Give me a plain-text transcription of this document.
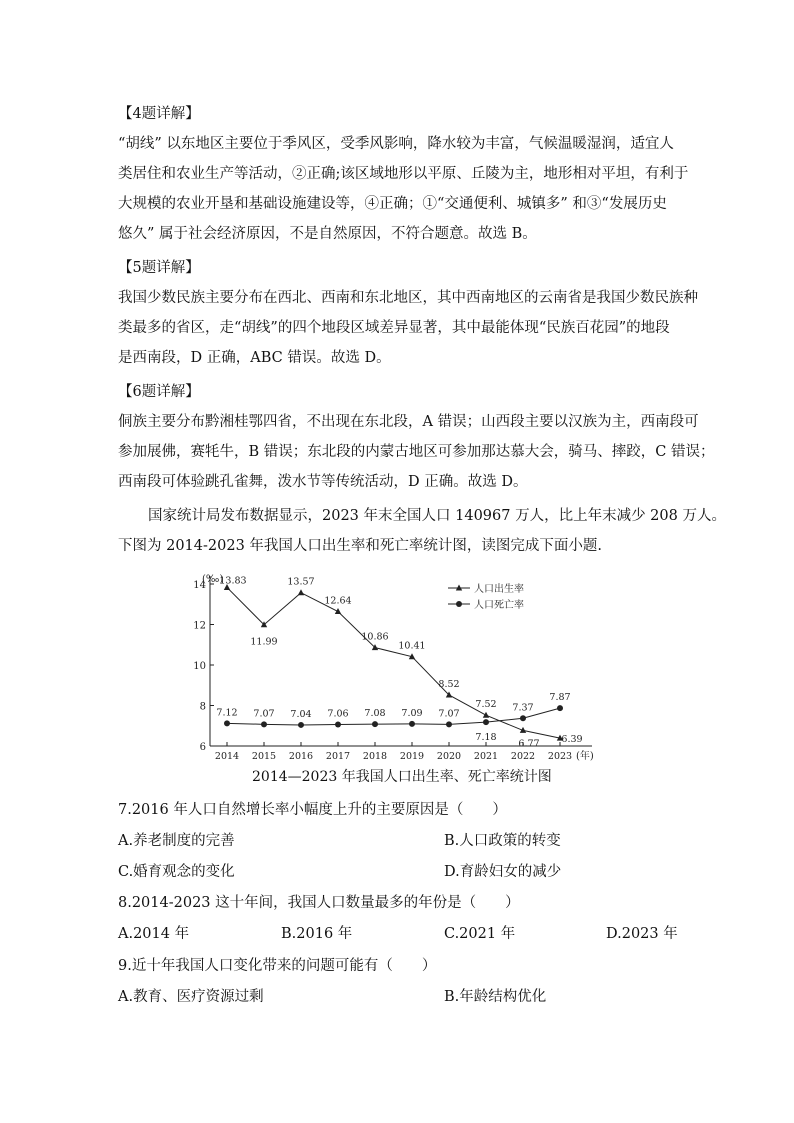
【4题详解】
“胡线” 以东地区主要位于季风区，受季风影响，降水较为丰富，气候温暖湿润，适宜人
类居住和农业生产等活动，②正确;该区域地形以平原、丘陵为主，地形相对平坦，有利于
大规模的农业开垦和基础设施建设等，④正确；①“交通便利、城镇多” 和③“发展历史
悠久” 属于社会经济原因，不是自然原因，不符合题意。故选 B。
【5题详解】
我国少数民族主要分布在西北、西南和东北地区，其中西南地区的云南省是我国少数民族种
类最多的省区，走“胡线”的四个地段区域差异显著，其中最能体现“民族百花园”的地段
是西南段，D 正确，ABC 错误。故选 D。
【6题详解】
侗族主要分布黔湘桂鄂四省，不出现在东北段，A 错误；山西段主要以汉族为主，西南段可
参加展佛，赛牦牛，B 错误；东北段的内蒙古地区可参加那达慕大会，骑马、摔跤，C 错误；
西南段可体验跳孔雀舞，泼水节等传统活动，D 正确。故选 D。
国家统计局发布数据显示，2023 年末全国人口 140967 万人，比上年末减少 208 万人。
下图为 2014-2023 年我国人口出生率和死亡率统计图，读图完成下面小题.
6
8
10
12
14
(‰)
2014 2015 2016 2017 2018 2019 2020 2021 2022 2023 (年)
13.83
11.99
13.57
12.64
10.86
10.41
8.52
7.52
6.77 6.39
7.12 7.07 7.04 7.06 7.08 7.09 7.07
7.18
7.37
7.87
人口出生率
人口死亡率
2014—2023 年我国人口出生率、死亡率统计图
7.2016 年人口自然增长率小幅度上升的主要原因是（　　）
A.养老制度的完善	B.人口政策的转变
C.婚育观念的变化	D.育龄妇女的减少
8.2014-2023 这十年间，我国人口数量最多的年份是（　　）
A.2014 年	B.2016 年	C.2021 年	D.2023 年
9.近十年我国人口变化带来的问题可能有（　　）
A.教育、医疗资源过剩	B.年龄结构优化
